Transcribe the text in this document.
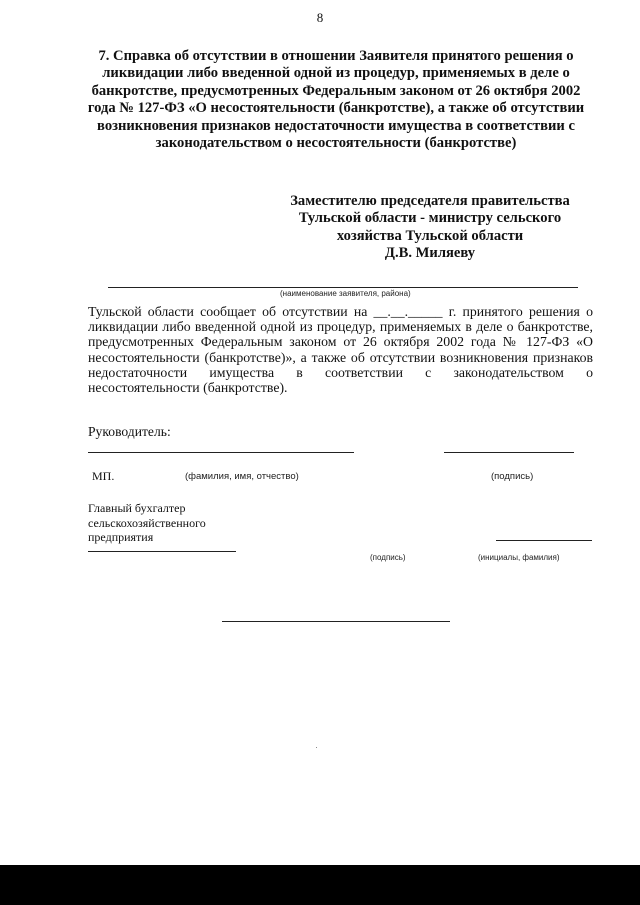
8
7. Справка об отсутствии в отношении Заявителя принятого решения о ликвидации либо введенной одной из процедур, применяемых в деле о банкротстве, предусмотренных Федеральным законом от 26 октября 2002 года № 127-ФЗ «О несостоятельности (банкротстве), а также об отсутствии возникновения признаков недостаточности имущества в соответствии с законодательством о несостоятельности (банкротстве)
Заместителю председателя правительства
Тульской области - министру сельского
хозяйства Тульской области
Д.В. Миляеву
(наименование заявителя, района)
Тульской области сообщает об отсутствии на __.__._____ г. принятого решения о ликвидации либо введенной одной из процедур, применяемых в деле о банкротстве, предусмотренных Федеральным законом от 26 октября 2002 года № 127-ФЗ «О несостоятельности (банкротстве)», а также об отсутствии возникновения признаков недостаточности имущества в соответствии с законодательством о несостоятельности (банкротстве).
Руководитель:
МП.	(фамилия, имя, отчество)	(подпись)
Главный бухгалтер
сельскохозяйственного
предприятия
(подпись)	(инициалы, фамилия)
